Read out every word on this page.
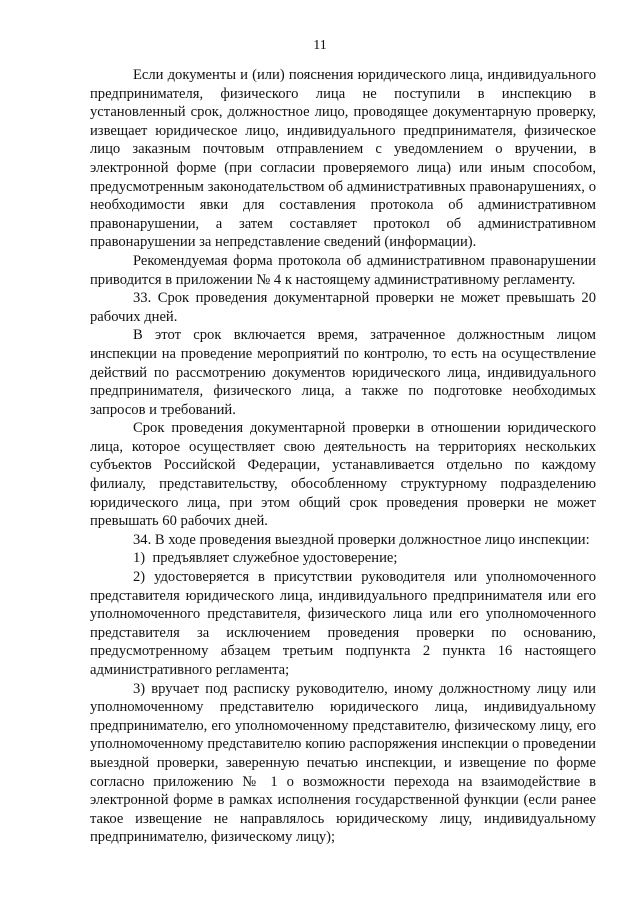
11

Если документы и (или) пояснения юридического лица, индивидуального предпринимателя, физического лица не поступили в инспекцию в установленный срок, должностное лицо, проводящее документарную проверку, извещает юридическое лицо, индивидуального предпринимателя, физическое лицо заказным почтовым отправлением с уведомлением о вручении, в электронной форме (при согласии проверяемого лица) или иным способом, предусмотренным законодательством об административных правонарушениях, о необходимости явки для составления протокола об административном правонарушении, а затем составляет протокол об административном правонарушении за непредставление сведений (информации).

Рекомендуемая форма протокола об административном правонарушении приводится в приложении № 4 к настоящему административному регламенту.

33. Срок проведения документарной проверки не может превышать 20 рабочих дней.

В этот срок включается время, затраченное должностным лицом инспекции на проведение мероприятий по контролю, то есть на осуществление действий по рассмотрению документов юридического лица, индивидуального предпринимателя, физического лица, а также по подготовке необходимых запросов и требований.

Срок проведения документарной проверки в отношении юридического лица, которое осуществляет свою деятельность на территориях нескольких субъектов Российской Федерации, устанавливается отдельно по каждому филиалу, представительству, обособленному структурному подразделению юридического лица, при этом общий срок проведения проверки не может превышать 60 рабочих дней.

34. В ходе проведения выездной проверки должностное лицо инспекции:

1)  предъявляет служебное удостоверение;

2) удостоверяется в присутствии руководителя или уполномоченного представителя юридического лица, индивидуального предпринимателя или его уполномоченного представителя, физического лица или его уполномоченного представителя за исключением проведения проверки по основанию, предусмотренному абзацем третьим подпункта 2 пункта 16 настоящего административного регламента;

3) вручает под расписку руководителю, иному должностному лицу или уполномоченному представителю юридического лица, индивидуальному предпринимателю, его уполномоченному представителю, физическому лицу, его уполномоченному представителю копию распоряжения инспекции о проведении выездной проверки, заверенную печатью инспекции, и извещение по форме согласно приложению № 1 о возможности перехода на взаимодействие в электронной форме в рамках исполнения государственной функции (если ранее такое извещение не направлялось юридическому лицу, индивидуальному предпринимателю, физическому лицу);
